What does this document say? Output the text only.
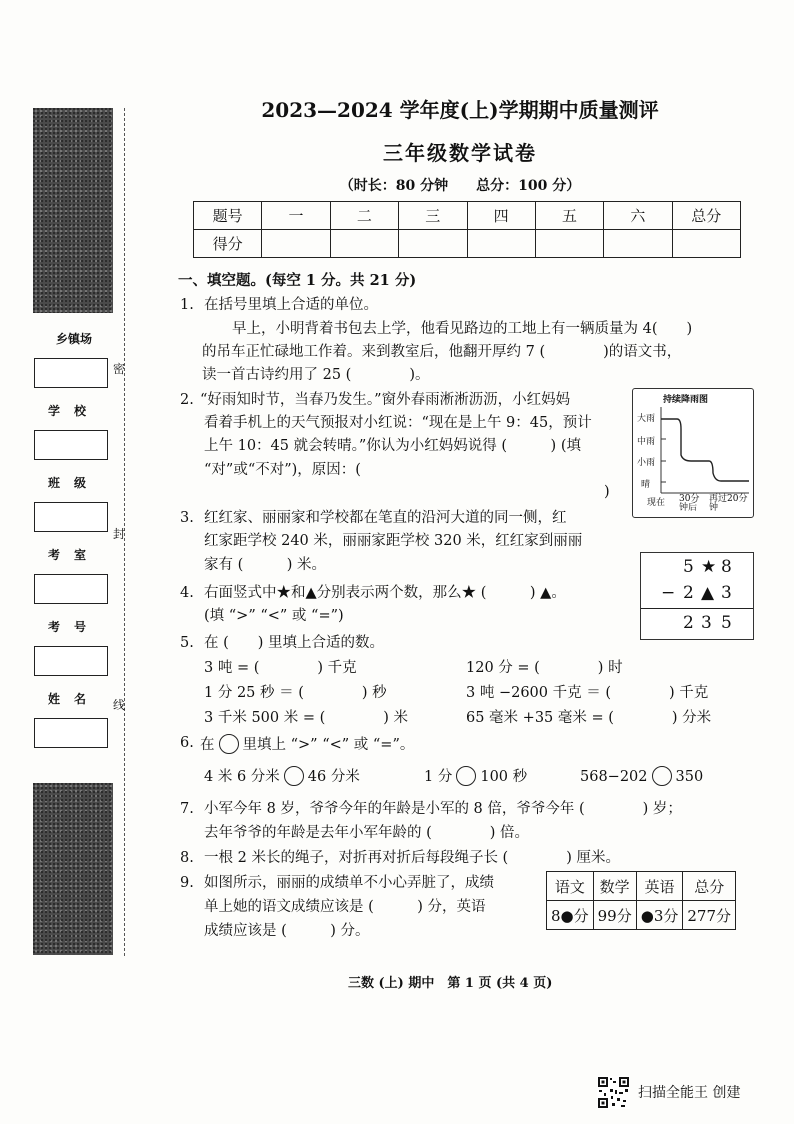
乡镇场
学校
班级
考室
考号
姓名
密
封
线
2023—2024 学年度(上)学期期中质量测评
三年级数学试卷
（时长：80 分钟　　总分：100 分）
题号	一	二	三	四	五	六	总分
得分							
一、填空题。(每空 1 分。共 21 分)
1. 在括号里填上合适的单位。
早上，小明背着书包去上学，他看见路边的工地上有一辆质量为 4(　　)
的吊车正忙碌地工作着。来到教室后，他翻开厚约 7 (　　　　)的语文书，
读一首古诗约用了 25 (　　　　)。
2. “好雨知时节，当春乃发生。”窗外春雨淅淅沥沥，小红妈妈
看着手机上的天气预报对小红说：“现在是上午 9：45，预计
上午 10：45 就会转晴。”你认为小红妈妈说得 (　　　) (填
“对”或“不对”)，原因：(
)
持续降雨图
大雨
中雨
小雨
晴
现在 30分钟后
再过20分钟
3. 红红家、丽丽家和学校都在笔直的沿河大道的同一侧，红
红家距学校 240 米，丽丽家距学校 320 米，红红家到丽丽
家有 (　　　) 米。	5 ★ 8
− 2 ▲ 3
2 3 5
4. 右面竖式中★和▲分别表示两个数，那么★ (　　　) ▲。
(填 “>” “<” 或 “=”)
5. 在 (　　) 里填上合适的数。
3 吨 = (　　　　) 千克	120 分 = (　　　　) 时
1 分 25 秒 ＝ (　　　　) 秒	3 吨 −2600 千克 ＝ (　　　　) 千克
3 千米 500 米 = (　　　　) 米	65 毫米 +35 毫米 = (　　　　) 分米
6. 在 里填上 “>” “<” 或 “=”。
4 米 6 分米 46 分米	1 分 100 秒	568−202 350
7. 小军今年 8 岁，爷爷今年的年龄是小军的 8 倍，爷爷今年 (　　　　) 岁；
去年爷爷的年龄是去年小军年龄的 (　　　　) 倍。
8. 一根 2 米长的绳子，对折再对折后每段绳子长 (　　　　) 厘米。
9. 如图所示，丽丽的成绩单不小心弄脏了，成绩
单上她的语文成绩应该是 (　　　) 分，英语
成绩应该是 (　　　) 分。
语文	数学	英语	总分
8●分	99分	●3分	277分
三数 (上) 期中　第 1 页 (共 4 页)
扫描全能王 创建
